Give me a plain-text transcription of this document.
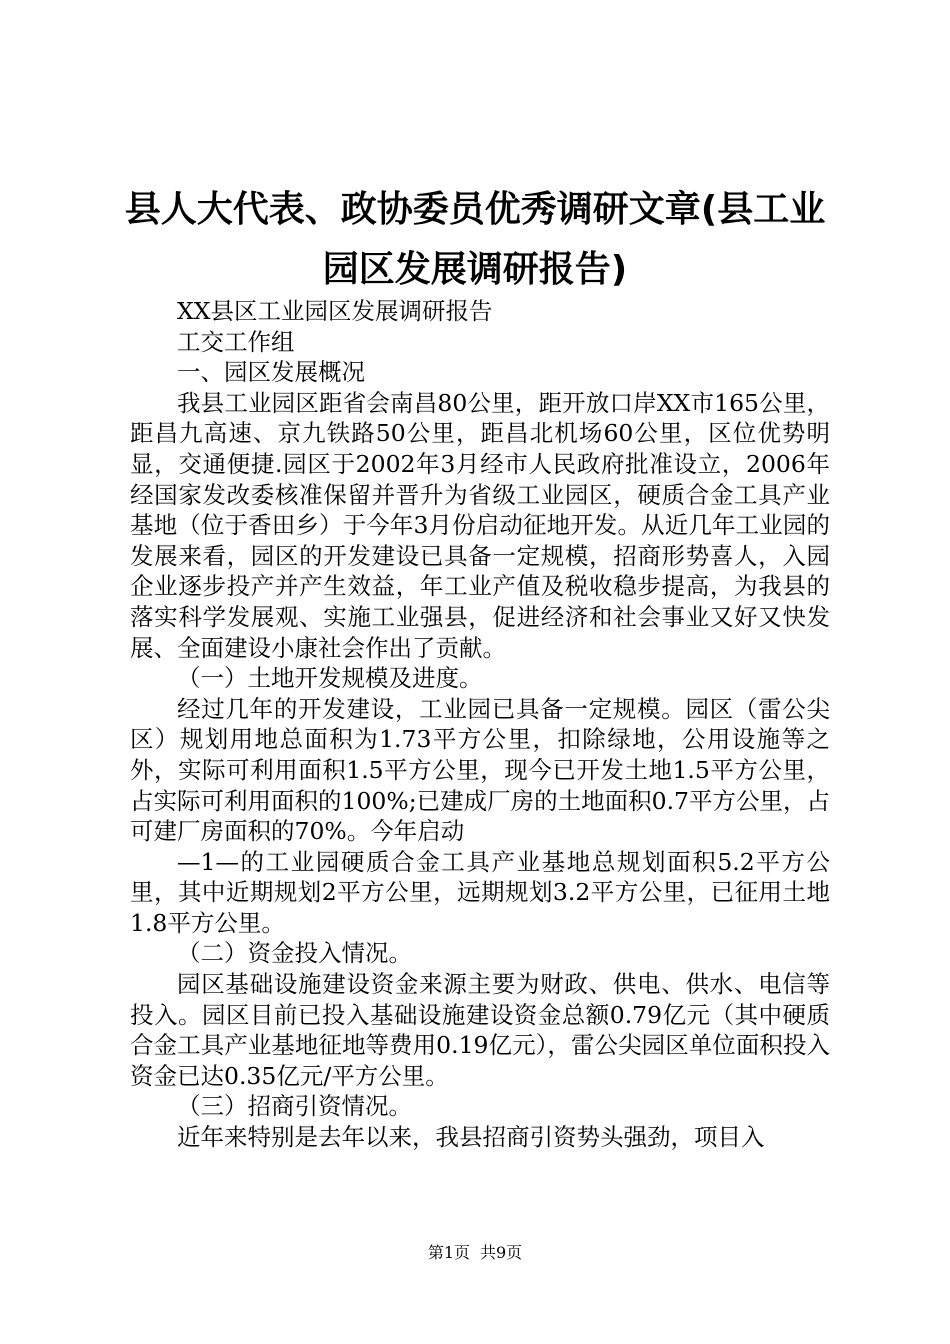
县人大代表、政协委员优秀调研文章(县工业园区发展调研报告)

XX县区工业园区发展调研报告

工交工作组

一、园区发展概况

我县工业园区距省会南昌80公里，距开放口岸XX市165公里，距昌九高速、京九铁路50公里，距昌北机场60公里，区位优势明显，交通便捷.园区于2002年3月经市人民政府批准设立，2006年经国家发改委核准保留并晋升为省级工业园区，硬质合金工具产业基地（位于香田乡）于今年3月份启动征地开发。从近几年工业园的发展来看，园区的开发建设已具备一定规模，招商形势喜人，入园企业逐步投产并产生效益，年工业产值及税收稳步提高，为我县的落实科学发展观、实施工业强县，促进经济和社会事业又好又快发展、全面建设小康社会作出了贡献。

（一）土地开发规模及进度。

经过几年的开发建设，工业园已具备一定规模。园区（雷公尖区）规划用地总面积为1.73平方公里，扣除绿地，公用设施等之外，实际可利用面积1.5平方公里，现今已开发土地1.5平方公里，占实际可利用面积的100%;已建成厂房的土地面积0.7平方公里，占可建厂房面积的70%。今年启动

—1—的工业园硬质合金工具产业基地总规划面积5.2平方公里，其中近期规划2平方公里，远期规划3.2平方公里，已征用土地1.8平方公里。

（二）资金投入情况。

园区基础设施建设资金来源主要为财政、供电、供水、电信等投入。园区目前已投入基础设施建设资金总额0.79亿元（其中硬质合金工具产业基地征地等费用0.19亿元），雷公尖园区单位面积投入资金已达0.35亿元/平方公里。

（三）招商引资情况。

近年来特别是去年以来，我县招商引资势头强劲，项目入

第1页 共9页
